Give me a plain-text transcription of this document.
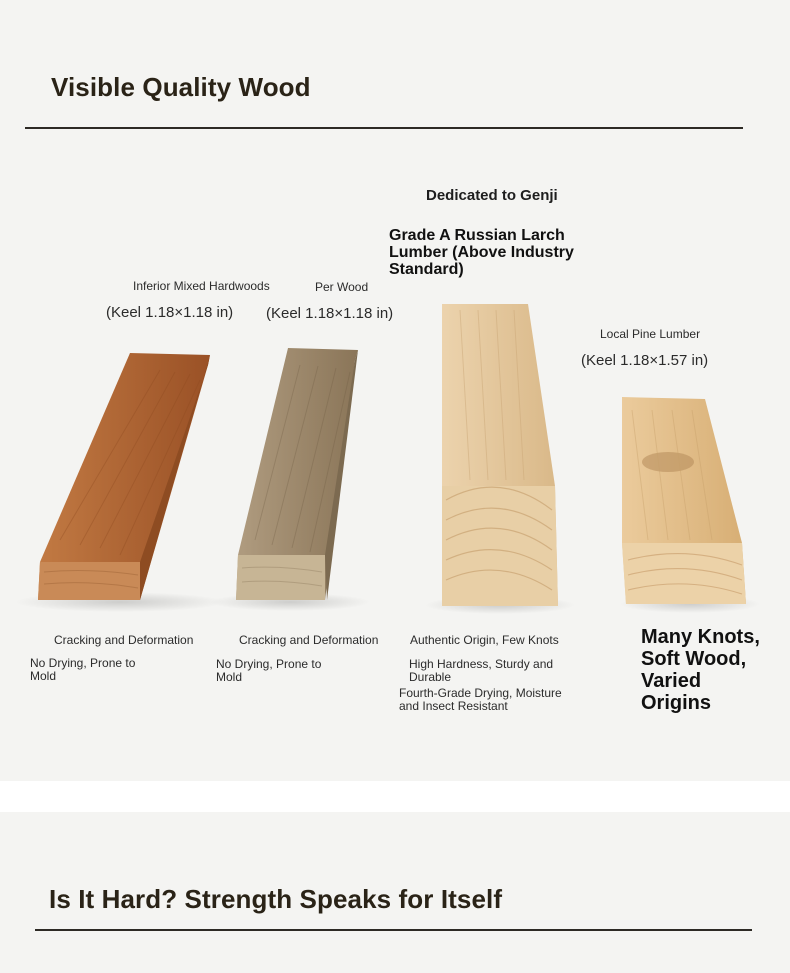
Visible Quality Wood
Inferior Mixed Hardwoods
(Keel 1.18×1.18 in)
Cracking and Deformation
No Drying, Prone to Mold
Per Wood
(Keel 1.18×1.18 in)
Cracking and Deformation
No Drying, Prone to Mold
Dedicated to Genji
Grade A Russian Larch Lumber (Above Industry Standard)
Authentic Origin, Few Knots
High Hardness, Sturdy and Durable
Fourth-Grade Drying, Moisture and Insect Resistant
Local Pine Lumber
(Keel 1.18×1.57 in)
Many Knots, Soft Wood, Varied Origins
Is It Hard? Strength Speaks for Itself
